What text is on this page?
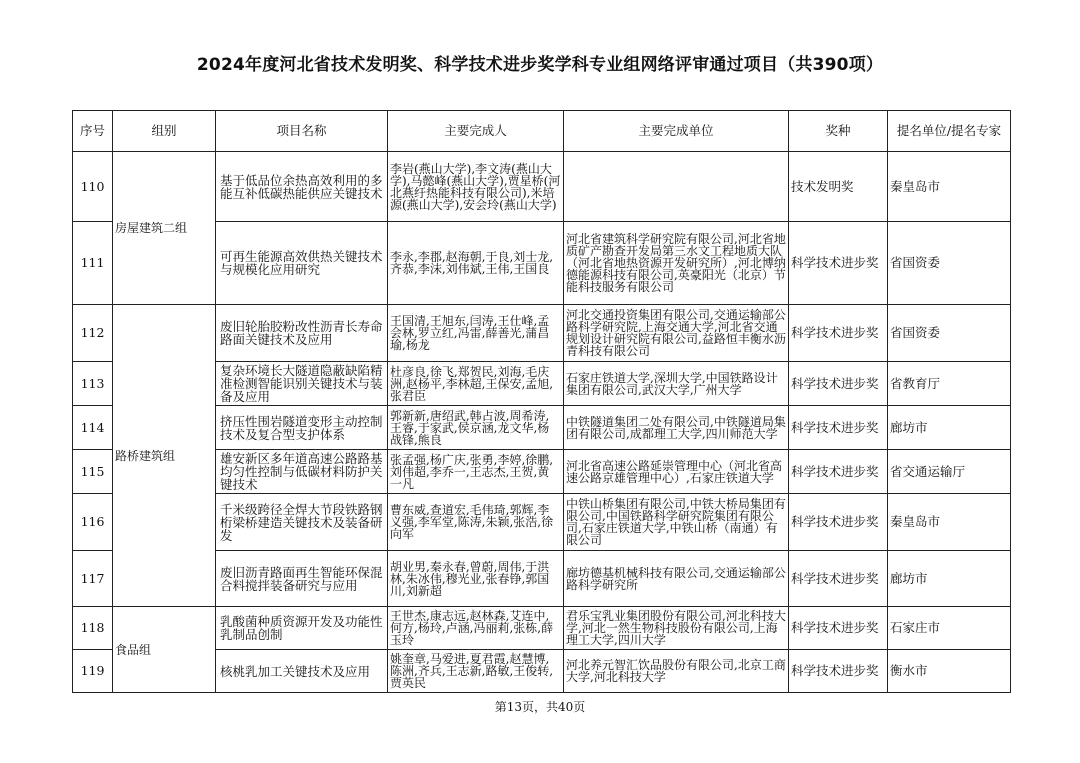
2024年度河北省技术发明奖、科学技术进步奖学科专业组网络评审通过项目（共390项）
序号	组别	项目名称	主要完成人	主要完成单位	奖种	提名单位/提名专家
110	房屋建筑二组	基于低品位余热高效利用的多能互补低碳热能供应关键技术	李岩(燕山大学),李文涛(燕山大学),马懿峰(燕山大学),贾星桥(河北燕纡热能科技有限公司),米培源(燕山大学),安会玲(燕山大学)		技术发明奖	秦皇岛市
111		可再生能源高效供热关键技术与规模化应用研究	李永,李郡,赵海朝,于良,刘士龙,齐恭,李沫,刘伟斌,王伟,王国良	河北省建筑科学研究院有限公司,河北省地质矿产勘查开发局第三水文工程地质大队（河北省地热资源开发研究所）,河北博纳德能源科技有限公司,英豪阳光（北京）节能科技服务有限公司	科学技术进步奖	省国资委
112	路桥建筑组	废旧轮胎胶粉改性沥青长寿命路面关键技术及应用	王国清,王旭东,闫涛,王仕峰,孟会林,罗立红,冯雷,薛善光,蒲昌瑜,杨龙	河北交通投资集团有限公司,交通运输部公路科学研究院,上海交通大学,河北省交通规划设计研究院有限公司,益路恒丰衡水沥青科技有限公司	科学技术进步奖	省国资委
113		复杂环境长大隧道隐蔽缺陷精准检测智能识别关键技术与装备及应用	杜彦良,徐飞,郑贺民,刘海,毛庆洲,赵杨平,李林超,王保安,孟旭,张君臣	石家庄铁道大学,深圳大学,中国铁路设计集团有限公司,武汉大学,广州大学	科学技术进步奖	省教育厅
114		挤压性围岩隧道变形主动控制技术及复合型支护体系	郭新新,唐绍武,韩占波,周希涛,王睿,于家武,侯京涵,龙文华,杨战锋,熊良	中铁隧道集团二处有限公司,中铁隧道局集团有限公司,成都理工大学,四川师范大学	科学技术进步奖	廊坊市
115		雄安新区多年道高速公路路基均匀性控制与低碳材料防护关键技术	张孟强,杨广庆,张勇,李婷,徐鹏,刘伟超,李乔一,王志杰,王贺,黄一凡	河北省高速公路延崇管理中心（河北省高速公路京雄管理中心）,石家庄铁道大学	科学技术进步奖	省交通运输厅
116		千米级跨径全焊大节段铁路钢桁梁桥建造关键技术及装备研发	曹东威,查道宏,毛伟琦,郭辉,李义强,李军堂,陈涛,朱颖,张浩,徐向军	中铁山桥集团有限公司,中铁大桥局集团有限公司,中国铁路科学研究院集团有限公司,石家庄铁道大学,中铁山桥（南通）有限公司	科学技术进步奖	秦皇岛市
117		废旧沥青路面再生智能环保混合料搅拌装备研究与应用	胡业男,秦永春,曾蔚,周伟,于洪林,朱冰伟,穆光业,张春铮,郭国川,刘新超	廊坊德基机械科技有限公司,交通运输部公路科学研究所	科学技术进步奖	廊坊市
118	食品组	乳酸菌种质资源开发及功能性乳制品创制	王世杰,康志远,赵林森,艾连中,何方,杨玲,卢涵,冯丽莉,张栋,薛玉玲	君乐宝乳业集团股份有限公司,河北科技大学,河北一然生物科技股份有限公司,上海理工大学,四川大学	科学技术进步奖	石家庄市
119		核桃乳加工关键技术及应用	姚奎章,马爱进,夏君霞,赵慧博,陈洲,齐兵,王志新,路敏,王俊转,贾英民	河北养元智汇饮品股份有限公司,北京工商大学,河北科技大学	科学技术进步奖	衡水市
第13页，共40页
